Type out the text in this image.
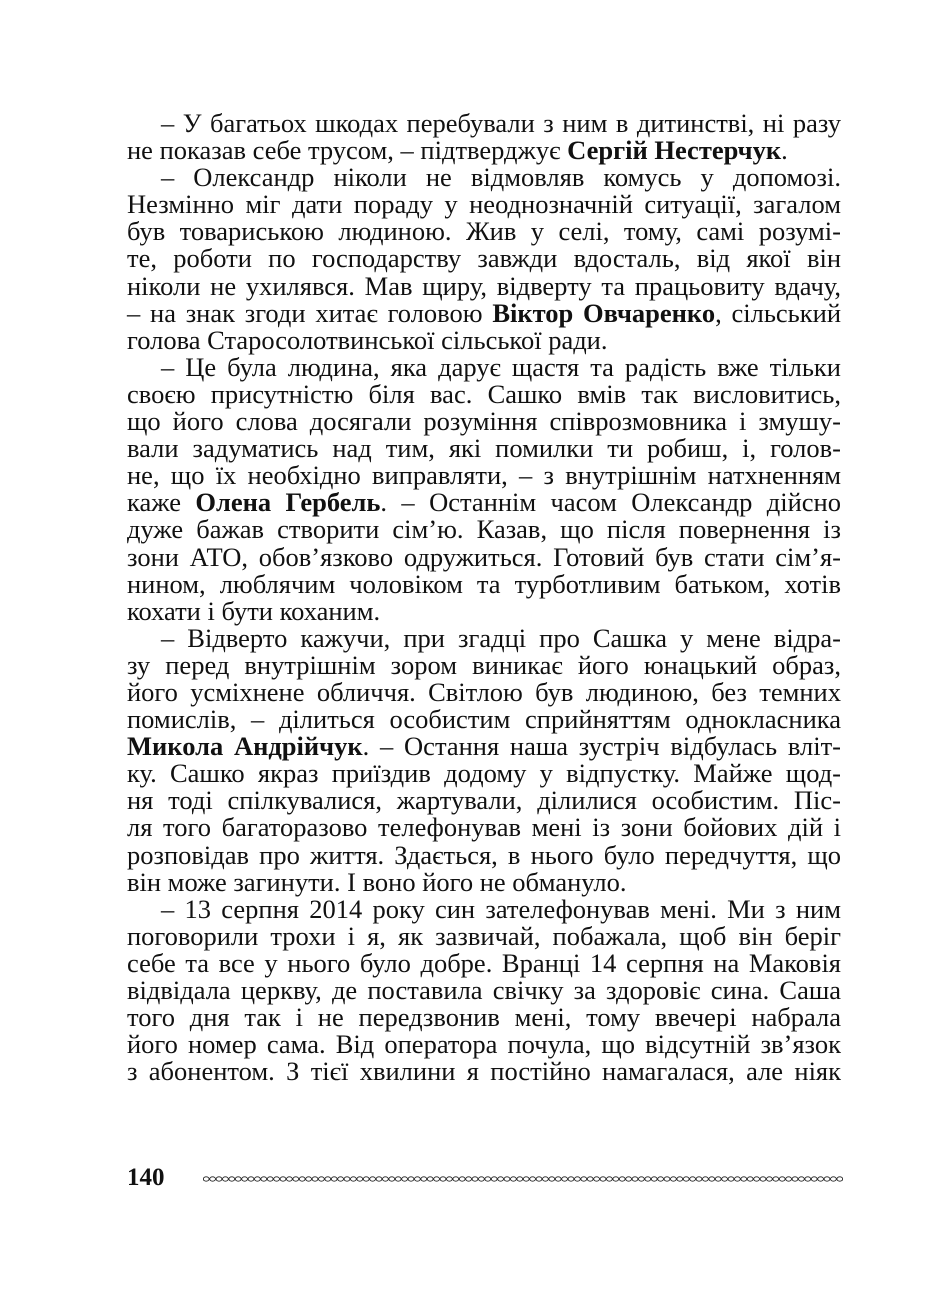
– У багатьох шкодах перебували з ним в дитинстві, ні разу
не показав себе трусом, – підтверджує Сергій Нестерчук.
– Олександр ніколи не відмовляв комусь у допомозі.
Незмінно міг дати пораду у неоднозначній ситуації, загалом
був товариською людиною. Жив у селі, тому, самі розумі-
те, роботи по господарству завжди вдосталь, від якої він
ніколи не ухилявся. Мав щиру, відверту та працьовиту вдачу,
– на знак згоди хитає головою Віктор Овчаренко, сільський
голова Старосолотвинської сільської ради.
– Це була людина, яка дарує щастя та радість вже тільки
своєю присутністю біля вас. Сашко вмів так висловитись,
що його слова досягали розуміння співрозмовника і змушу-
вали задуматись над тим, які помилки ти робиш, і, голов-
не, що їх необхідно виправляти, – з внутрішнім натхненням
каже Олена Гербель. – Останнім часом Олександр дійсно
дуже бажав створити сім’ю. Казав, що після повернення із
зони АТО, обов’язково одружиться. Готовий був стати сім’я-
нином, люблячим чоловіком та турботливим батьком, хотів
кохати і бути коханим.
– Відверто кажучи, при згадці про Сашка у мене відра-
зу перед внутрішнім зором виникає його юнацький образ,
його усміхнене обличчя. Світлою був людиною, без темних
помислів, – ділиться особистим сприйняттям однокласника
Микола Андрійчук. – Остання наша зустріч відбулась вліт-
ку. Сашко якраз приїздив додому у відпустку. Майже щод-
ня тоді спілкувалися, жартували, ділилися особистим. Піс-
ля того багаторазово телефонував мені із зони бойових дій і
розповідав про життя. Здається, в нього було передчуття, що
він може загинути. І воно його не обмануло.
– 13 серпня 2014 року син зателефонував мені. Ми з ним
поговорили трохи і я, як зазвичай, побажала, щоб він беріг
себе та все у нього було добре. Вранці 14 серпня на Маковія
відвідала церкву, де поставила свічку за здоровіє сина. Саша
того дня так і не передзвонив мені, тому ввечері набрала
його номер сама. Від оператора почула, що відсутній зв’язок
з абонентом. З тієї хвилини я постійно намагалася, але ніяк
140
